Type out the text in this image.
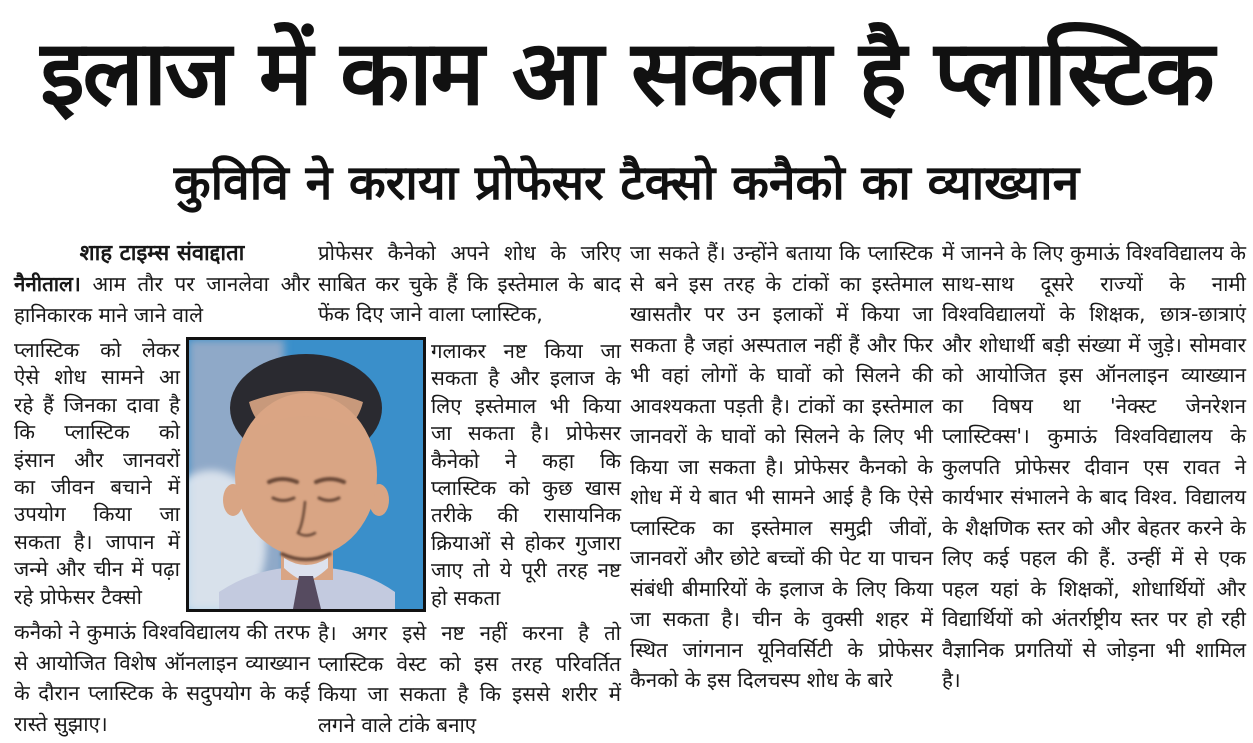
इलाज में काम आ सकता है प्लास्टिक
कुविवि ने कराया प्रोफेसर टैक्सो कनैको का व्याख्यान
शाह टाइम्स संवाद्दाता
नैनीताल। आम तौर पर जानलेवा और हानिकारक माने जाने वाले
प्लास्टिक को लेकर ऐसे शोध सामने आ रहे हैं जिनका दावा है कि प्लास्टिक को इंसान और जानवरों का जीवन बचाने में उपयोग किया जा सकता है। जापान में जन्मे और चीन में पढ़ा रहे प्रोफेसर टैक्सो
कनैको ने कुमाऊं विश्वविद्यालय की तरफ से आयोजित विशेष ऑनलाइन व्याख्यान के दौरान प्लास्टिक के सदुपयोग के कई रास्ते सुझाए।
प्रोफेसर कैनेको अपने शोध के जरिए साबित कर चुके हैं कि इस्तेमाल के बाद फेंक दिए जाने वाला प्लास्टिक,
गलाकर नष्ट किया जा सकता है और इलाज के लिए इस्तेमाल भी किया जा सकता है। प्रोफेसर कैनेको ने कहा कि प्लास्टिक को कुछ खास तरीके की रासायनिक क्रियाओं से होकर गुजारा जाए तो ये पूरी तरह नष्ट हो सकता
है। अगर इसे नष्ट नहीं करना है तो प्लास्टिक वेस्ट को इस तरह परिवर्तित किया जा सकता है कि इससे शरीर में लगने वाले टांके बनाए
जा सकते हैं। उन्होंने बताया कि प्लास्टिक से बने इस तरह के टांकों का इस्तेमाल खासतौर पर उन इलाकों में किया जा सकता है जहां अस्पताल नहीं हैं और फिर भी वहां लोगों के घावों को सिलने की आवश्यकता पड़ती है। टांकों का इस्तेमाल जानवरों के घावों को सिलने के लिए भी किया जा सकता है। प्रोफेसर कैनको के शोध में ये बात भी सामने आई है कि ऐसे प्लास्टिक का इस्तेमाल समुद्री जीवों, जानवरों और छोटे बच्चों की पेट या पाचन संबंधी बीमारियों के इलाज के लिए किया जा सकता है। चीन के वुक्सी शहर में स्थित जांगनान यूनिवर्सिटी के प्रोफेसर कैनको के इस दिलचस्प शोध के बारे
में जानने के लिए कुमाऊं विश्वविद्यालय के साथ-साथ दूसरे राज्यों के नामी विश्वविद्यालयों के शिक्षक, छात्र-छात्राएं और शोधार्थी बड़ी संख्या में जुड़े। सोमवार को आयोजित इस ऑनलाइन व्याख्यान का विषय था 'नेक्स्ट जेनरेशन प्लास्टिक्स'। कुमाऊं विश्वविद्यालय के कुलपति प्रोफेसर दीवान एस रावत ने कार्यभार संभालने के बाद विश्व. विद्यालय के शैक्षणिक स्तर को और बेहतर करने के लिए कई पहल की हैं. उन्हीं में से एक पहल यहां के शिक्षकों, शोधार्थियों और विद्यार्थियों को अंतर्राष्ट्रीय स्तर पर हो रही वैज्ञानिक प्रगतियों से जोड़ना भी शामिल है।
